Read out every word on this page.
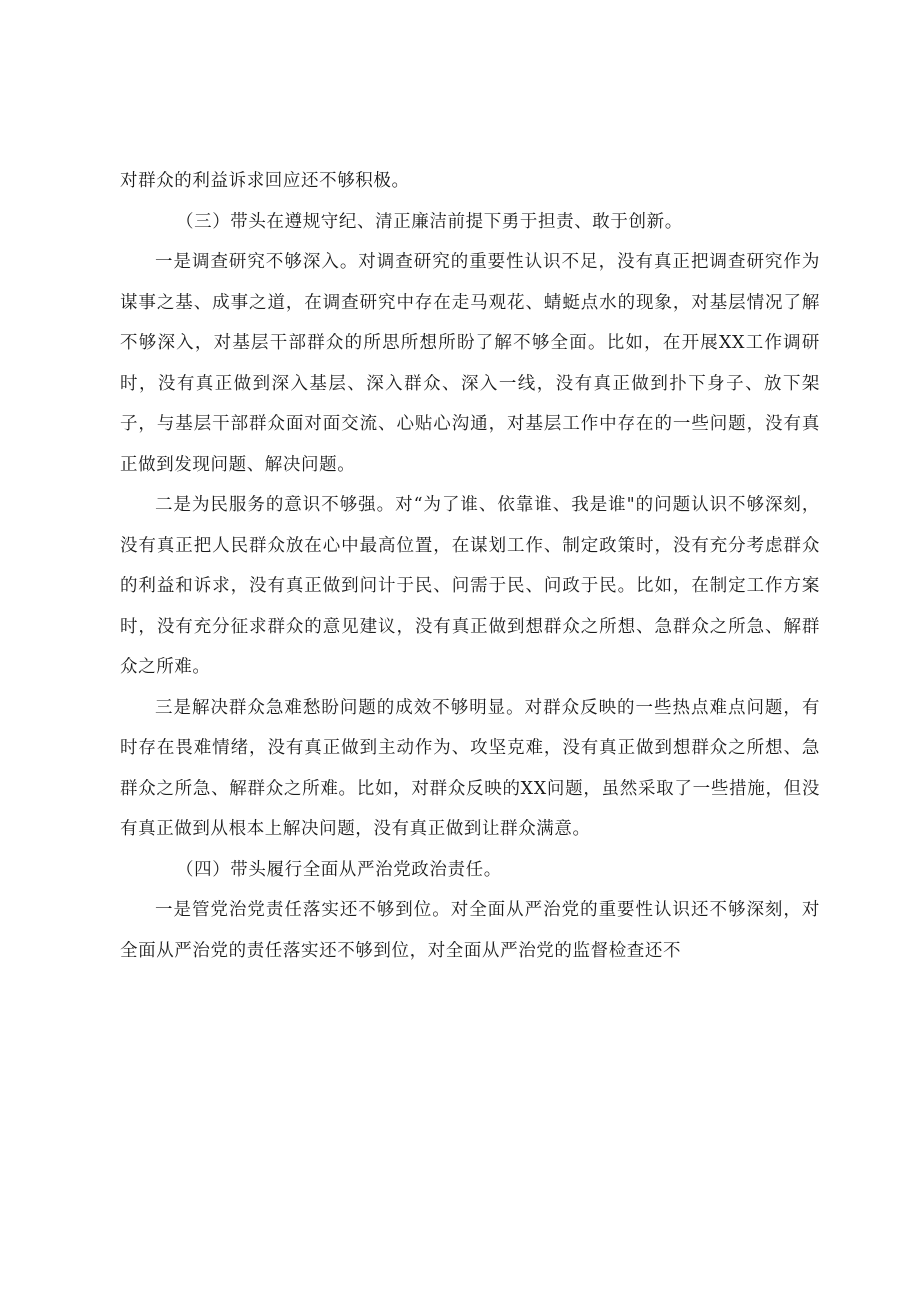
对群众的利益诉求回应还不够积极。

（三）带头在遵规守纪、清正廉洁前提下勇于担责、敢于创新。

一是调查研究不够深入。对调查研究的重要性认识不足，没有真正把调查研究作为谋事之基、成事之道，在调查研究中存在走马观花、蜻蜓点水的现象，对基层情况了解不够深入，对基层干部群众的所思所想所盼了解不够全面。比如，在开展XX工作调研时，没有真正做到深入基层、深入群众、深入一线，没有真正做到扑下身子、放下架子，与基层干部群众面对面交流、心贴心沟通，对基层工作中存在的一些问题，没有真正做到发现问题、解决问题。

二是为民服务的意识不够强。对“为了谁、依靠谁、我是谁"的问题认识不够深刻，没有真正把人民群众放在心中最高位置，在谋划工作、制定政策时，没有充分考虑群众的利益和诉求，没有真正做到问计于民、问需于民、问政于民。比如，在制定工作方案时，没有充分征求群众的意见建议，没有真正做到想群众之所想、急群众之所急、解群众之所难。

三是解决群众急难愁盼问题的成效不够明显。对群众反映的一些热点难点问题，有时存在畏难情绪，没有真正做到主动作为、攻坚克难，没有真正做到想群众之所想、急群众之所急、解群众之所难。比如，对群众反映的XX问题，虽然采取了一些措施，但没有真正做到从根本上解决问题，没有真正做到让群众满意。

（四）带头履行全面从严治党政治责任。

一是管党治党责任落实还不够到位。对全面从严治党的重要性认识还不够深刻，对全面从严治党的责任落实还不够到位，对全面从严治党的监督检查还不
